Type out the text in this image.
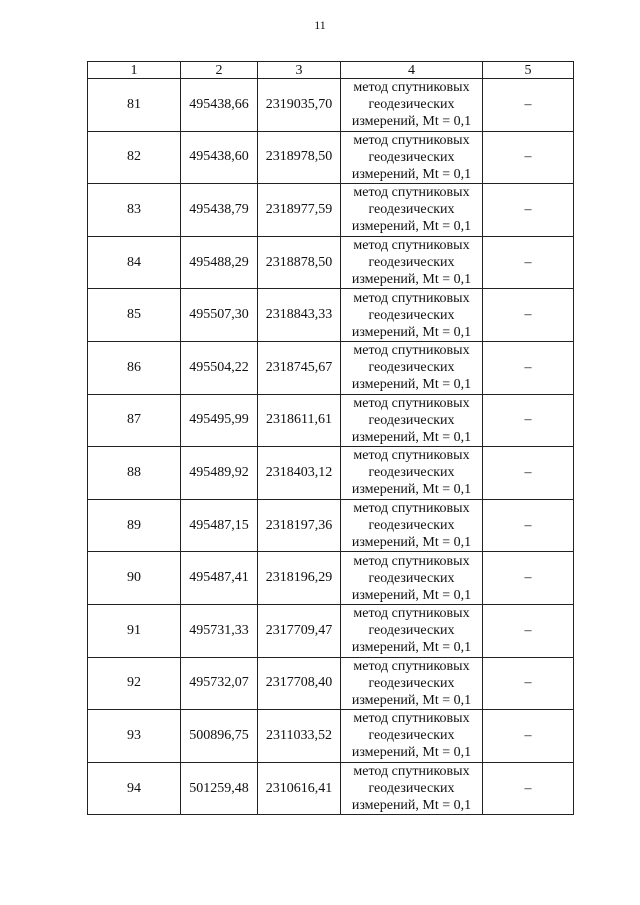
11
1	2	3	4	5
81	495438,66	2319035,70	метод спутниковых
геодезических
измерений, Mt = 0,1	–
82	495438,60	2318978,50	метод спутниковых
геодезических
измерений, Mt = 0,1	–
83	495438,79	2318977,59	метод спутниковых
геодезических
измерений, Mt = 0,1	–
84	495488,29	2318878,50	метод спутниковых
геодезических
измерений, Mt = 0,1	–
85	495507,30	2318843,33	метод спутниковых
геодезических
измерений, Mt = 0,1	–
86	495504,22	2318745,67	метод спутниковых
геодезических
измерений, Mt = 0,1	–
87	495495,99	2318611,61	метод спутниковых
геодезических
измерений, Mt = 0,1	–
88	495489,92	2318403,12	метод спутниковых
геодезических
измерений, Mt = 0,1	–
89	495487,15	2318197,36	метод спутниковых
геодезических
измерений, Mt = 0,1	–
90	495487,41	2318196,29	метод спутниковых
геодезических
измерений, Mt = 0,1	–
91	495731,33	2317709,47	метод спутниковых
геодезических
измерений, Mt = 0,1	–
92	495732,07	2317708,40	метод спутниковых
геодезических
измерений, Mt = 0,1	–
93	500896,75	2311033,52	метод спутниковых
геодезических
измерений, Mt = 0,1	–
94	501259,48	2310616,41	метод спутниковых
геодезических
измерений, Mt = 0,1	–
